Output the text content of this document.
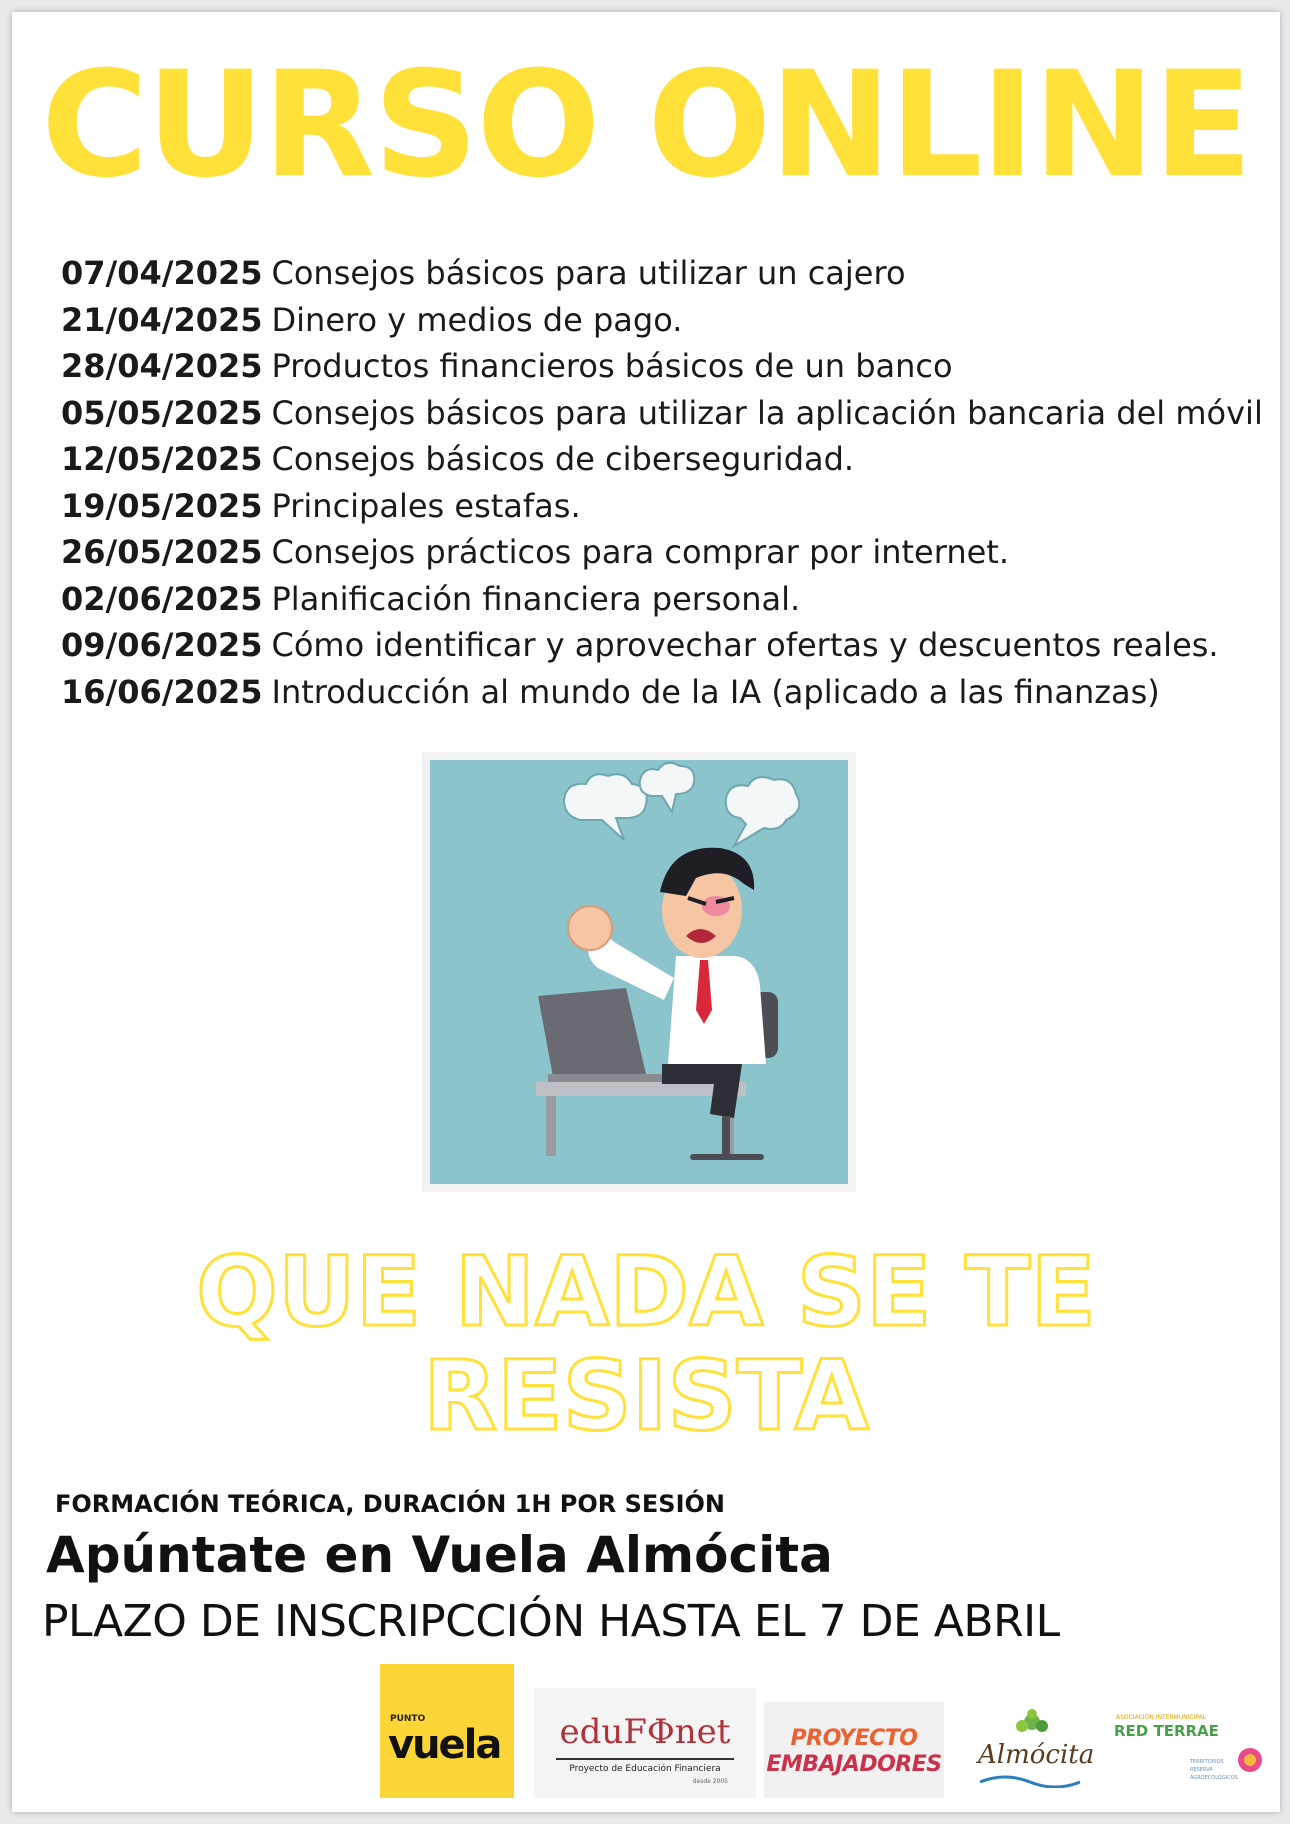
CURSO ONLINE
07/04/2025 Consejos básicos para utilizar un cajero
21/04/2025 Dinero y medios de pago.
28/04/2025 Productos financieros básicos de un banco
05/05/2025 Consejos básicos para utilizar la aplicación bancaria del móvil
12/05/2025 Consejos básicos de ciberseguridad.
19/05/2025 Principales estafas.
26/05/2025 Consejos prácticos para comprar por internet.
02/06/2025 Planificación financiera personal.
09/06/2025 Cómo identificar y aprovechar ofertas y descuentos reales.
16/06/2025 Introducción al mundo de la IA (aplicado a las finanzas)
QUE NADA SE TE
RESISTA
FORMACIÓN TEÓRICA, DURACIÓN 1H POR SESIÓN
Apúntate en Vuela Almócita
PLAZO DE INSCRIPCCIÓN HASTA EL 7 DE ABRIL
PUNTO
vuela	eduFΦnet
Proyecto de Educación Financiera
desde 2005
PROYECTO
EMBAJADORES Almócita
ASOCIACIÓN INTERMUNICIPAL
RED TERRAE
TERRITORIOS
RESERVA
AGROECOLÓGICOS
